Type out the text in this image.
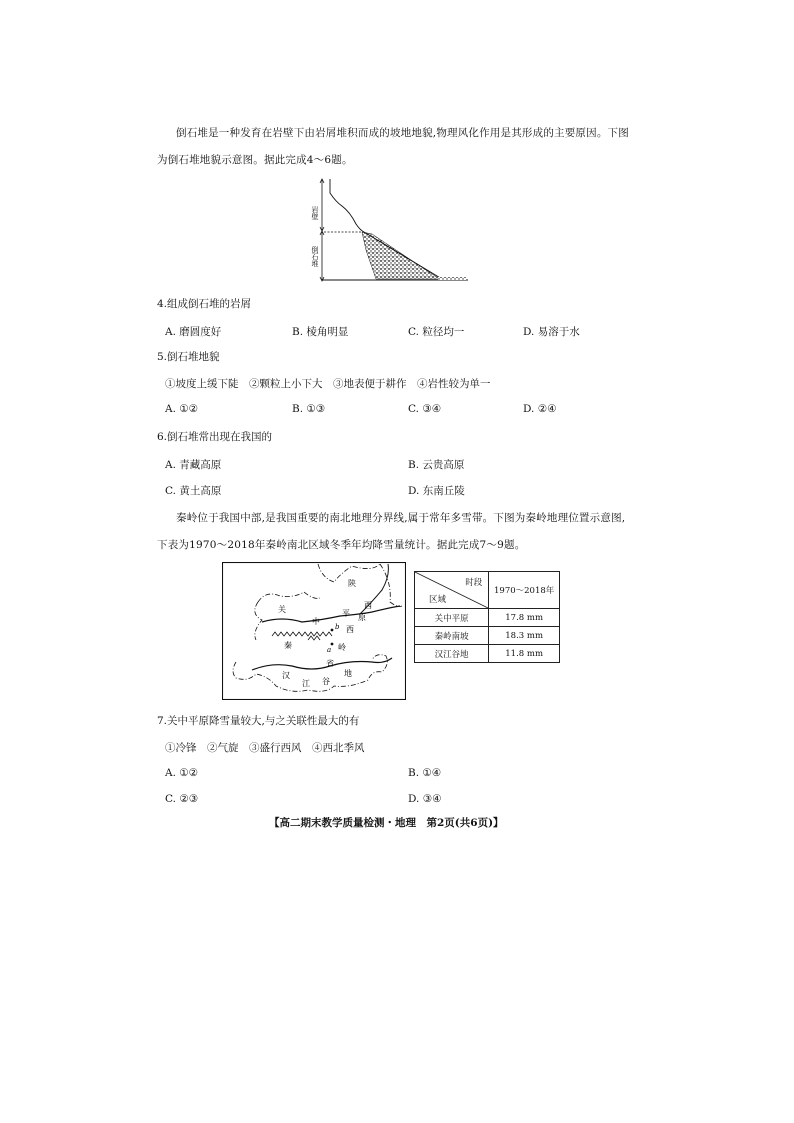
倒石堆是一种发育在岩壁下由岩屑堆积而成的坡地地貌,物理风化作用是其形成的主要原因。下图
为倒石堆地貌示意图。据此完成4～6题。
岩壁
倒石堆
4.组成倒石堆的岩屑
A. 磨圆度好	B. 棱角明显	C. 粒径均一	D. 易溶于水
5.倒石堆地貌
①坡度上缓下陡　②颗粒上小下大　③地表便于耕作　④岩性较为单一
A. ①②	B. ①③	C. ③④	D. ②④
6.倒石堆常出现在我国的
A. 青藏高原	B. 云贵高原
C. 黄土高原	D. 东南丘陵
秦岭位于我国中部,是我国重要的南北地理分界线,属于常年多雪带。下图为秦岭地理位置示意图,
下表为1970～2018年秦岭南北区域冬季年均降雪量统计。据此完成7～9题。
陕
西
关
中
平 原
b 西
秦	a 岭
省
汉
江 谷
地
时段
区域	1970～2018年
关中平原	17.8 mm
秦岭南坡	18.3 mm
汉江谷地	11.8 mm
7.关中平原降雪量较大,与之关联性最大的有
①冷锋　②气旋　③盛行西风　④西北季风
A. ①②	B. ①④
C. ②③	D. ③④
【高二期末教学质量检测・地理　第2页(共6页)】
